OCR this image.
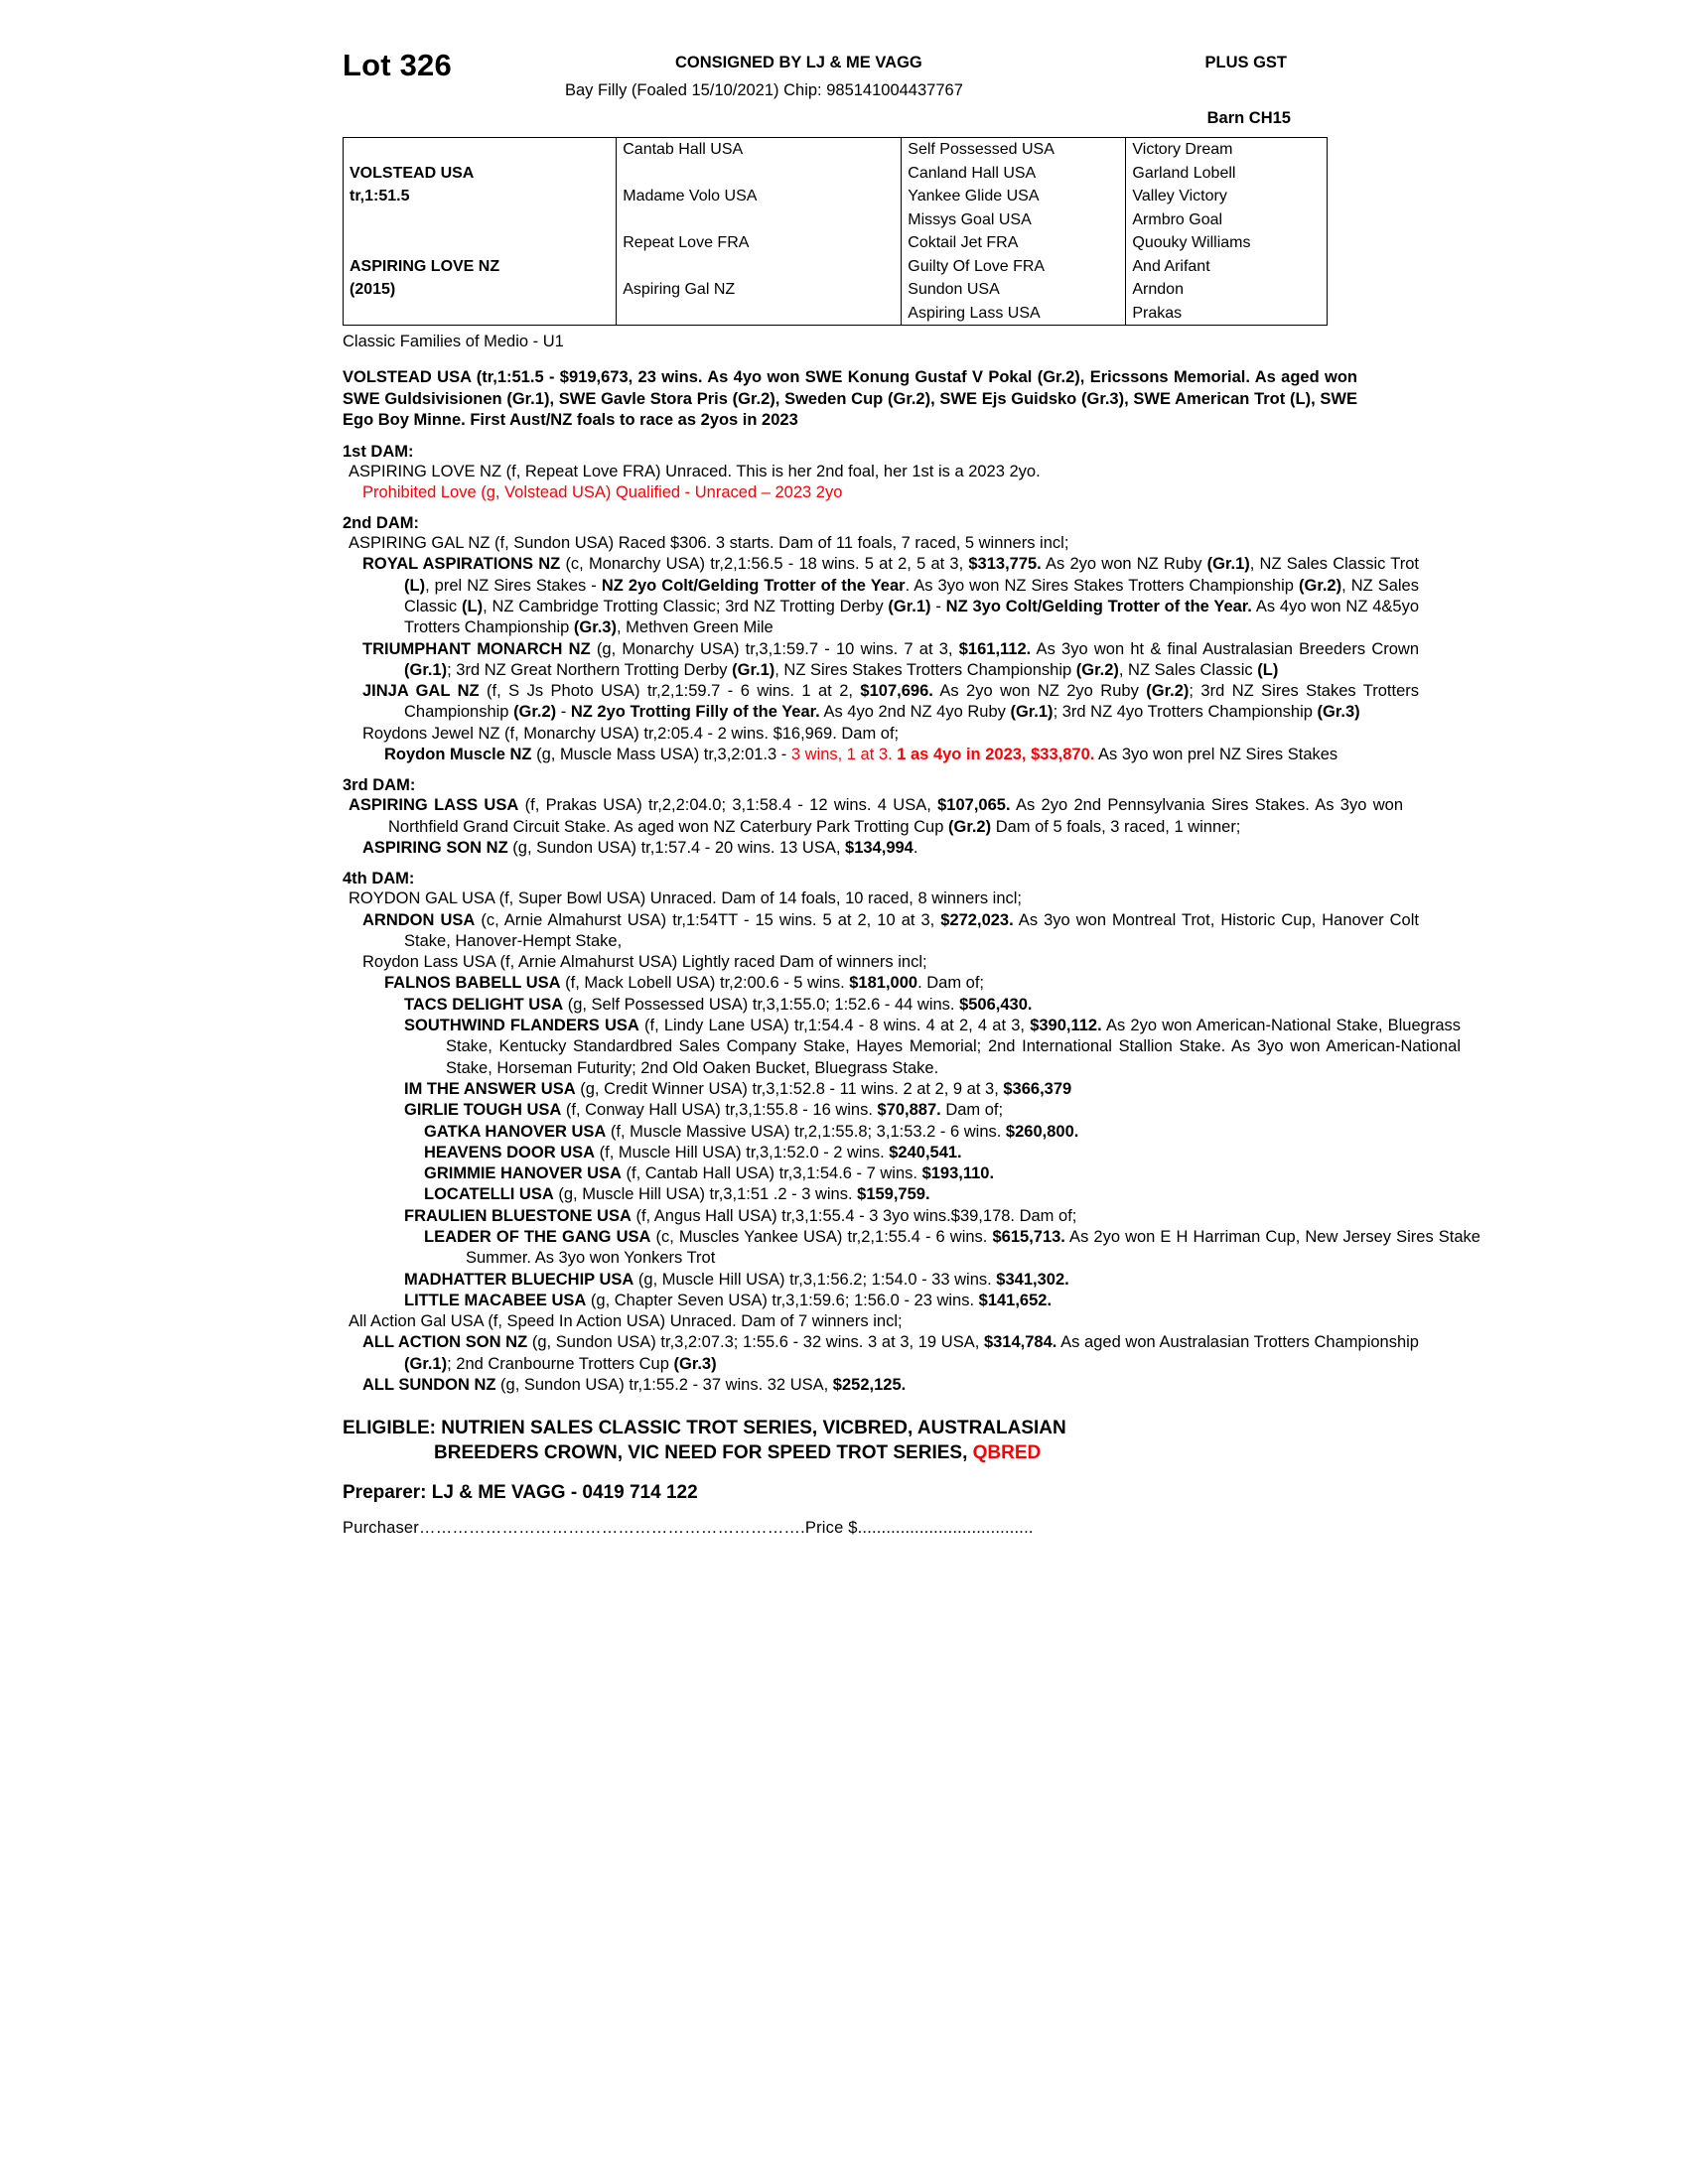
Lot 326	CONSIGNED BY LJ & ME VAGG	PLUS GST
Bay Filly (Foaled 15/10/2021) Chip: 985141004437767
Barn CH15
	Cantab Hall USA	Self Possessed USA	Victory Dream
VOLSTEAD USA		Canland Hall USA	Garland Lobell
tr,1:51.5	Madame Volo USA	Yankee Glide USA	Valley Victory
		Missys Goal USA	Armbro Goal
	Repeat Love FRA	Coktail Jet FRA	Quouky Williams
ASPIRING LOVE NZ		Guilty Of Love FRA	And Arifant
(2015)	Aspiring Gal NZ	Sundon USA	Arndon
		Aspiring Lass USA	Prakas
Classic Families of Medio - U1
VOLSTEAD USA (tr,1:51.5 - $919,673, 23 wins. As 4yo won SWE Konung Gustaf V Pokal (Gr.2), Ericssons Memorial. As aged won SWE Guldsivisionen (Gr.1), SWE Gavle Stora Pris (Gr.2), Sweden Cup (Gr.2), SWE Ejs Guidsko (Gr.3), SWE American Trot (L), SWE Ego Boy Minne. First Aust/NZ foals to race as 2yos in 2023
1st DAM:

ASPIRING LOVE NZ (f, Repeat Love FRA) Unraced. This is her 2nd foal, her 1st is a 2023 2yo.

Prohibited Love (g, Volstead USA) Qualified - Unraced – 2023 2yo

2nd DAM:

ASPIRING GAL NZ (f, Sundon USA) Raced $306. 3 starts. Dam of 11 foals, 7 raced, 5 winners incl;

ROYAL ASPIRATIONS NZ (c, Monarchy USA) tr,2,1:56.5 - 18 wins. 5 at 2, 5 at 3, $313,775. As 2yo won NZ Ruby (Gr.1), NZ Sales Classic Trot (L), prel NZ Sires Stakes - NZ 2yo Colt/Gelding Trotter of the Year. As 3yo won NZ Sires Stakes Trotters Championship (Gr.2), NZ Sales Classic (L), NZ Cambridge Trotting Classic; 3rd NZ Trotting Derby (Gr.1) - NZ 3yo Colt/Gelding Trotter of the Year. As 4yo won NZ 4&5yo Trotters Championship (Gr.3), Methven Green Mile

TRIUMPHANT MONARCH NZ (g, Monarchy USA) tr,3,1:59.7 - 10 wins. 7 at 3, $161,112. As 3yo won ht & final Australasian Breeders Crown (Gr.1); 3rd NZ Great Northern Trotting Derby (Gr.1), NZ Sires Stakes Trotters Championship (Gr.2), NZ Sales Classic (L)

JINJA GAL NZ (f, S Js Photo USA) tr,2,1:59.7 - 6 wins. 1 at 2, $107,696. As 2yo won NZ 2yo Ruby (Gr.2); 3rd NZ Sires Stakes Trotters Championship (Gr.2) - NZ 2yo Trotting Filly of the Year. As 4yo 2nd NZ 4yo Ruby (Gr.1); 3rd NZ 4yo Trotters Championship (Gr.3)

Roydons Jewel NZ (f, Monarchy USA) tr,2:05.4 - 2 wins. $16,969. Dam of;

Roydon Muscle NZ (g, Muscle Mass USA) tr,3,2:01.3 - 3 wins, 1 at 3. 1 as 4yo in 2023, $33,870. As 3yo won prel NZ Sires Stakes

3rd DAM:

ASPIRING LASS USA (f, Prakas USA) tr,2,2:04.0; 3,1:58.4 - 12 wins. 4 USA, $107,065. As 2yo 2nd Pennsylvania Sires Stakes. As 3yo won Northfield Grand Circuit Stake. As aged won NZ Caterbury Park Trotting Cup (Gr.2) Dam of 5 foals, 3 raced, 1 winner;

ASPIRING SON NZ (g, Sundon USA) tr,1:57.4 - 20 wins. 13 USA, $134,994.

4th DAM:

ROYDON GAL USA (f, Super Bowl USA) Unraced. Dam of 14 foals, 10 raced, 8 winners incl;

ARNDON USA (c, Arnie Almahurst USA) tr,1:54TT - 15 wins. 5 at 2, 10 at 3, $272,023. As 3yo won Montreal Trot, Historic Cup, Hanover Colt Stake, Hanover-Hempt Stake,

Roydon Lass USA (f, Arnie Almahurst USA) Lightly raced Dam of winners incl;

FALNOS BABELL USA (f, Mack Lobell USA) tr,2:00.6 - 5 wins. $181,000. Dam of;

TACS DELIGHT USA (g, Self Possessed USA) tr,3,1:55.0; 1:52.6 - 44 wins. $506,430.

SOUTHWIND FLANDERS USA (f, Lindy Lane USA) tr,1:54.4 - 8 wins. 4 at 2, 4 at 3, $390,112. As 2yo won American-National Stake, Bluegrass Stake, Kentucky Standardbred Sales Company Stake, Hayes Memorial; 2nd International Stallion Stake. As 3yo won American-National Stake, Horseman Futurity; 2nd Old Oaken Bucket, Bluegrass Stake.

IM THE ANSWER USA (g, Credit Winner USA) tr,3,1:52.8 - 11 wins. 2 at 2, 9 at 3, $366,379

GIRLIE TOUGH USA (f, Conway Hall USA) tr,3,1:55.8 - 16 wins. $70,887. Dam of;

GATKA HANOVER USA (f, Muscle Massive USA) tr,2,1:55.8; 3,1:53.2 - 6 wins. $260,800.

HEAVENS DOOR USA (f, Muscle Hill USA) tr,3,1:52.0 - 2 wins. $240,541.

GRIMMIE HANOVER USA (f, Cantab Hall USA) tr,3,1:54.6 - 7 wins. $193,110.

LOCATELLI USA (g, Muscle Hill USA) tr,3,1:51 .2 - 3 wins. $159,759.

FRAULIEN BLUESTONE USA (f, Angus Hall USA) tr,3,1:55.4 - 3 3yo wins.$39,178. Dam of;

LEADER OF THE GANG USA (c, Muscles Yankee USA) tr,2,1:55.4 - 6 wins. $615,713. As 2yo won E H Harriman Cup, New Jersey Sires Stake Summer. As 3yo won Yonkers Trot

MADHATTER BLUECHIP USA (g, Muscle Hill USA) tr,3,1:56.2; 1:54.0 - 33 wins. $341,302.

LITTLE MACABEE USA (g, Chapter Seven USA) tr,3,1:59.6; 1:56.0 - 23 wins. $141,652.

All Action Gal USA (f, Speed In Action USA) Unraced. Dam of 7 winners incl;

ALL ACTION SON NZ (g, Sundon USA) tr,3,2:07.3; 1:55.6 - 32 wins. 3 at 3, 19 USA, $314,784. As aged won Australasian Trotters Championship (Gr.1); 2nd Cranbourne Trotters Cup (Gr.3)

ALL SUNDON NZ (g, Sundon USA) tr,1:55.2 - 37 wins. 32 USA, $252,125.

ELIGIBLE: NUTRIEN SALES CLASSIC TROT SERIES, VICBRED, AUSTRALASIAN
BREEDERS CROWN, VIC NEED FOR SPEED TROT SERIES, QBRED
Preparer: LJ & ME VAGG - 0419 714 122
Purchaser…………………………………………………………….Price $.....................................
